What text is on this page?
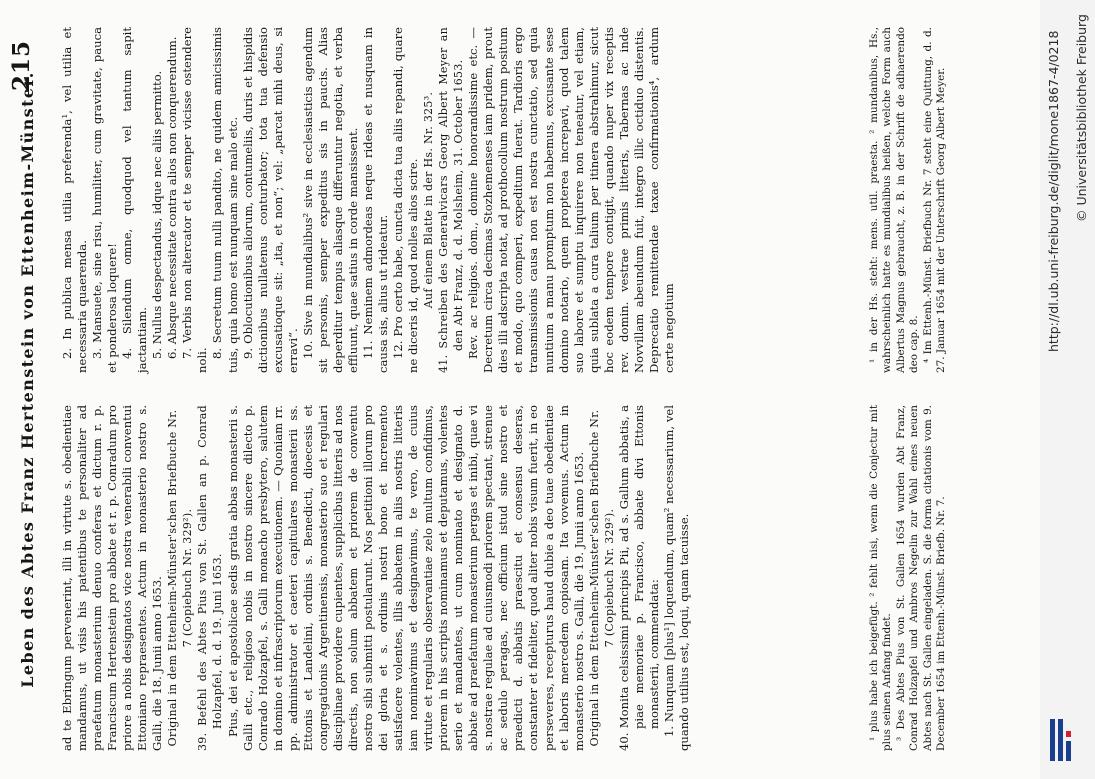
Leben des Abtes Franz Hertenstein von Ettenheim-Münster.
215

ad te Ebringum pervenerint, illi in virtute s. obedientiae mandamus, ut visis his patentibus te personaliter ad praefatum monasterium denuo conferas et dictum r. p. Franciscum Hertenstein pro abbate et r. p. Conradum pro priore a nobis designatos vice nostra venerabili conventui Ettoniano repraesentes. Actum in monasterio nostro s. Galli, die 18. Junii anno 1653. Original in dem Ettenheim-Münster'schen Briefbuche Nr. 7 (Copiebuch Nr. 329²). 39. Befehl des Abtes Pius von St. Gallen an p. Conrad Holzapfel, d. d. 19. Juni 1653. Pius, dei et apostolicae sedis gratia abbas monasterii s. Galli etc., religioso nobis in nostro sincere dilecto p. Conrado Holzapfel, s. Galli monacho presbytero, salutem in domino et infrascriptorum executionem. — Quoniam rr. pp. administrator et caeteri capitulares monasterii ss. Ettonis et Landelini, ordinis s. Benedicti, dioecesis et congregationis Argentinensis, monasterio suo et regulari disciplinae providere cupientes, supplicibus litteris ad nos directis, non solum abbatem et priorem de conventu nostro sibi submitti postularunt. Nos petitioni illorum pro dei gloria et s. ordinis nostri bono et incremento satisfacere volentes, illis abbatem in aliis nostris litteris iam nominavimus et designavimus, te vero, de cuius virtute et regularis observantiae zelo multum confidimus, priorem in his scriptis nominamus et deputamus, volentes serio et mandantes, ut cum nominato et designato d. abbate ad praefatum monasterium pergas et inibi, quae vi s. nostrae regulae ad cuiusmodi priorem spectant, strenue ac sedulo peragas, nec officium istud sine nostro et praedicti d. abbatis praescitu et consensu deseras, constanter et fideliter, quod aliter nobis visum fuerit, in eo perseveres, recepturus haud dubie a deo tuae obedientiae et laboris mercedem copiosam. Ita vovemus. Actum in monasterio nostro s. Galli, die 19. Junii anno 1653. Original in dem Ettenheim-Münster'schen Briefbuche Nr. 7 (Copiebuch Nr. 329²). 40. Monita celsissimi principis Pii, ad s. Gallum abbatis, a piae memoriae p. Francisco, abbate divi Ettonis monasterii, commendata: 1. Nunquam [plus¹] loquendum, quam² necessarium, vel quando utilius est, loqui, quam tacuisse.

2. In publica mensa utilia preferenda¹, vel utilia et necessaria quaerenda. 3. Mansuete, sine risu, humiliter, cum gravitate, pauca et ponderosa loquere! 4. Silendum omne, quodquod vel tantum sapit jactantiam. 5. Nullus despectandus, idque nec aliis permitto. 6. Absque necessitate contra alios non conquerendum. 7. Verbis non altercator et te semper vicisse ostendere noli.

8. Secretum tuum nulli pandito, ne quidem amicissimis tuis, quia homo est nunquam sine malo etc. 9. Oblocutionibus aliorum, contumeliis, duris et hispidis dictionibus nullatenus conturbator; tota tua defensio excusatioque sit: „ita, et non“; vel: „parcat mihi deus, si erravi“. 10. Sive in mundialibus² sive in ecclesiasticis agendum sit personis, semper expeditus sis in paucis. Alias deperditur tempus aliasque differuntur negotia, et verba effluunt, quae satius in corde mansissent. 11. Neminem admordeas neque rideas et nusquam in causa sis, alius ut rideatur. 12. Pro certo habe, cuncta dicta tua aliis repandi, quare ne diceris id, quod nolles alios scire. Auf einem Blatte in der Hs. Nr. 325³. 41. Schreiben des Generalvicars Georg Albert Meyer an den Abt Franz, d. d. Molsheim, 31. October 1653. Rev. ac religios. dom., domine honorandissime etc. — Decretum circa decimas Stozhemenses iam pridem, prout dies illi adscripta notat, ad prothocollum nostrum positum et modo, quo comperi, expeditum fuerat. Tardioris ergo transmissionis causa non est nostra cunctatio, sed quia nuntium a manu promptum non habemus, excusante sese domino notario, quem propterea increpavi, quod talem suo labore et sumptu inquirere non teneatur, vel etiam, quia sublata a cura talium per itinera abstrahimur, sicut hoc eodem tempore contigit, quando nuper vix receptis rev. domin. vestrae primis litteris, Tabernas ac inde Novvillam abeundum fuit, integro illic octiduo distentis. Deprecatio remittendae taxae confirmationis⁴, ardum certe negotium

¹ plus habe ich beigefügt. ² fehlt nisi, wenn die Conjectur mit plus seinen Anfang findet. ³ Des Abtes Pius von St. Gallen 1654 wurden Abt Franz, Conrad Holzapfel und Ambros Negelin zur Wahl eines neuen Abtes nach St. Gallen eingeladen. S. die forma citationis vom 9. December 1654 im Ettenh.-Münst. Briefb. Nr. 7.

¹ in der Hs. steht: mens. util. praesta. ² mundanibus, Hs., wahrscheinlich hatte es mundialibus heißen, welche Form auch Albertus Magnus gebraucht, z. B. in der Schrift de adhaerendo deo cap. 8. ⁴ Im Ettenh.-Münst. Briefbuch Nr. 7 steht eine Quittung, d. d. 27. Januar 1654 mit der Unterschrift Georg Albert Meyer.	http://dl.ub.uni-freiburg.de/diglit/mone1867-4/0218 © Universitätsbibliothek Freiburg
